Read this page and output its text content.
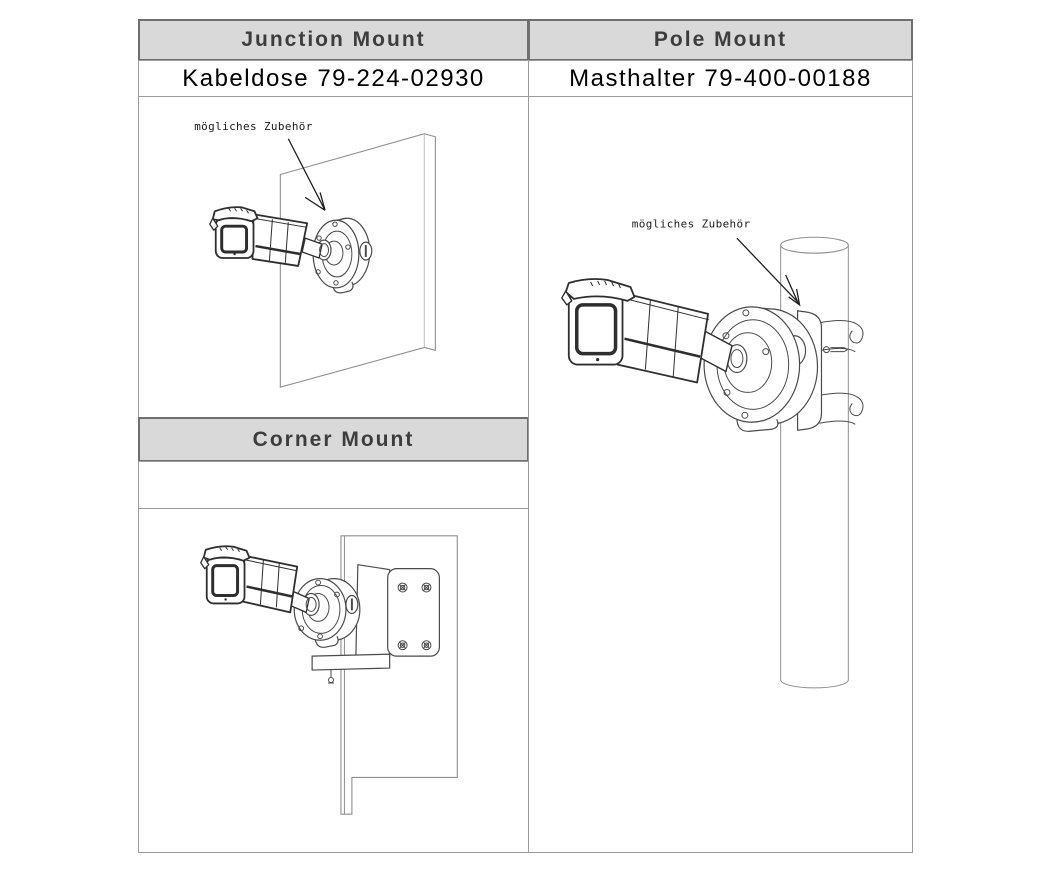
Junction Mount	Pole Mount
Kabeldose 79-224-02930	Masthalter 79-400-00188
mögliches Zubehör
Corner Mount
mögliches Zubehör
